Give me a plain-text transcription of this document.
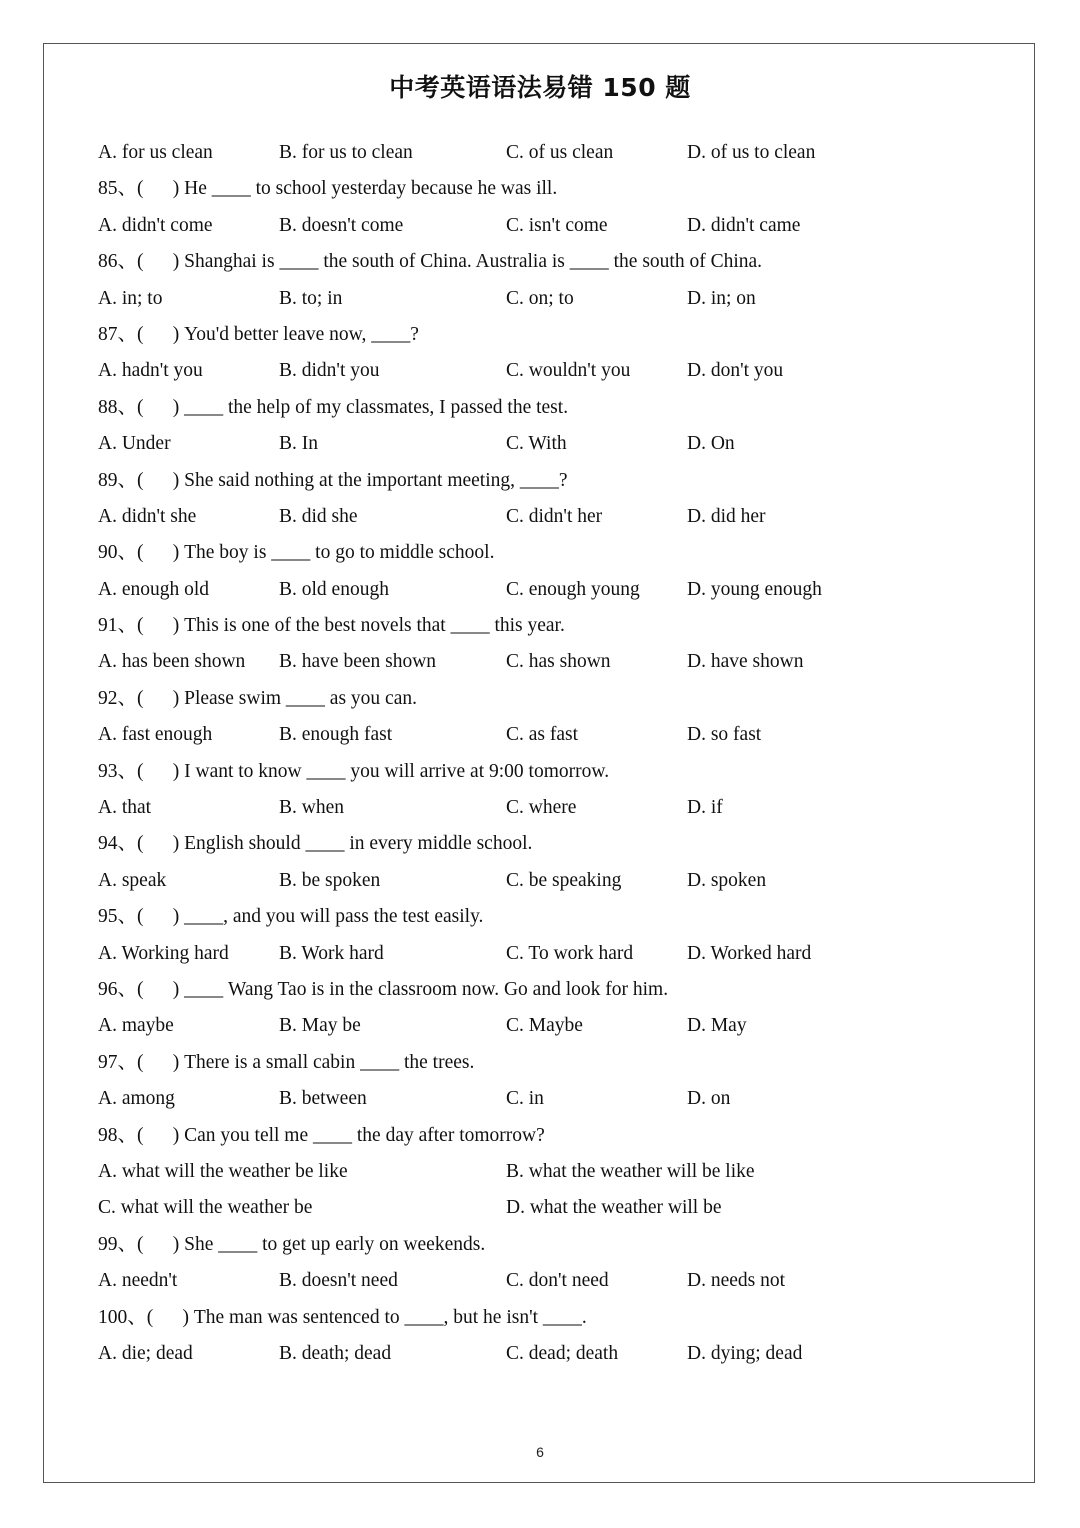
中考英语语法易错 150 题
A. for us clean	B. for us to clean	C. of us clean	D. of us to clean
85、(      ) He ____ to school yesterday because he was ill.
A. didn't come	B. doesn't come	C. isn't come	D. didn't came
86、(      ) Shanghai is ____ the south of China. Australia is ____ the south of China.
A. in; to	B. to; in	C. on; to	D. in; on
87、(      ) You'd better leave now, ____?
A. hadn't you	B. didn't you	C. wouldn't you	D. don't you
88、(      ) ____ the help of my classmates, I passed the test.
A. Under	B. In	C. With	D. On
89、(      ) She said nothing at the important meeting, ____?
A. didn't she	B. did she	C. didn't her	D. did her
90、(      ) The boy is ____ to go to middle school.
A. enough old	B. old enough	C. enough young D. young enough
91、(      ) This is one of the best novels that ____ this year.
A. has been shown B. have been shown	C. has shown	D. have shown
92、(      ) Please swim ____ as you can.
A. fast enough	B. enough fast	C. as fast	D. so fast
93、(      ) I want to know ____ you will arrive at 9:00 tomorrow.
A. that	B. when	C. where	D. if
94、(      ) English should ____ in every middle school.
A. speak	B. be spoken	C. be speaking	D. spoken
95、(      ) ____, and you will pass the test easily.
A. Working hard	B. Work hard	C. To work hard	D. Worked hard
96、(      ) ____ Wang Tao is in the classroom now. Go and look for him.
A. maybe	B. May be	C. Maybe	D. May
97、(      ) There is a small cabin ____ the trees.
A. among	B. between	C. in	D. on
98、(      ) Can you tell me ____ the day after tomorrow?
A. what will the weather be like	B. what the weather will be like
C. what will the weather be	D. what the weather will be
99、(      ) She ____ to get up early on weekends.
A. needn't	B. doesn't need	C. don't need	D. needs not
100、(      ) The man was sentenced to ____, but he isn't ____.
A. die; dead	B. death; dead	C. dead; death	D. dying; dead
6
